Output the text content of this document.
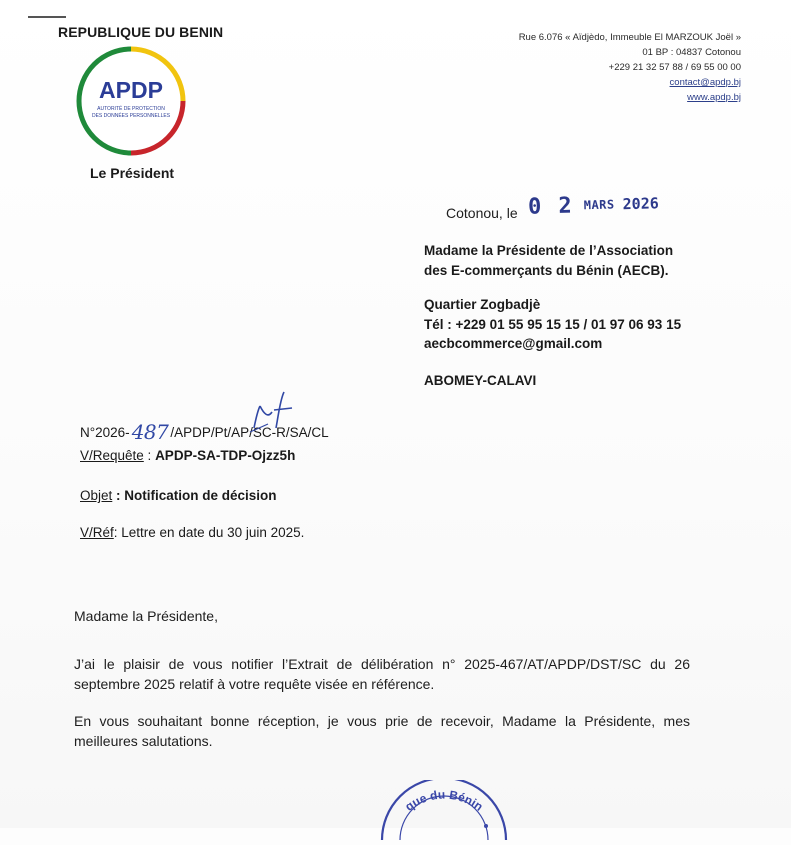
REPUBLIQUE DU BENIN
APDP
AUTORITÉ DE PROTECTION
DES DONNÉES PERSONNELLES
Le Président
Rue 6.076 « Aïdjèdo, Immeuble El MARZOUK Joël »
01 BP : 04837 Cotonou
+229 21 32 57 88 / 69 55 00 00
contact@apdp.bj
www.apdp.bj
Cotonou, le 0 2 MARS 2026
Madame la Présidente de l’Association
des E-commerçants du Bénin (AECB).
Quartier Zogbadjè
Tél : +229 01 55 95 15 15 / 01 97 06 93 15
aecbcommerce@gmail.com
ABOMEY-CALAVI
N°2026- 487 /APDP/Pt/AP/SC-R/SA/CL
V/Requête : APDP-SA-TDP-Ojzz5h
Objet : Notification de décision
V/Réf: Lettre en date du 30 juin 2025.
Madame la Présidente,
J’ai le plaisir de vous notifier l’Extrait de délibération n° 2025-467/AT/APDP/DST/SC du 26 septembre 2025 relatif à votre requête visée en référence.
En vous souhaitant bonne réception, je vous prie de recevoir, Madame la Présidente, mes meilleures salutations.
que du Bénin
